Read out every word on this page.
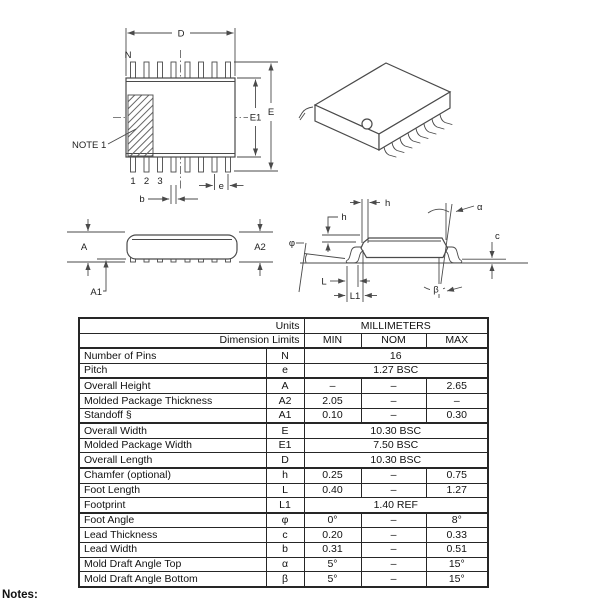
D
N
E
E1
NOTE 1
1 2 3	e
b
A	A2
A1
φ
h
h
α
β
c
L
L1
Units		MILLIMETERS		
Dimension Limits		MIN	NOM	MAX
Number of Pins	N	16		
Pitch	e	1.27 BSC		
Overall Height	A	–	–	2.65
Molded Package Thickness	A2	2.05	–	–
Standoff §	A1	0.10	–	0.30
Overall Width	E	10.30 BSC		
Molded Package Width	E1	7.50 BSC		
Overall Length	D	10.30 BSC		
Chamfer (optional)	h	0.25	–	0.75
Foot Length	L	0.40	–	1.27
Footprint	L1	1.40 REF		
Foot Angle	φ	0°	–	8°
Lead Thickness	c	0.20	–	0.33
Lead Width	b	0.31	–	0.51
Mold Draft Angle Top	α	5°	–	15°
Mold Draft Angle Bottom	β	5°	–	15°
Notes:
